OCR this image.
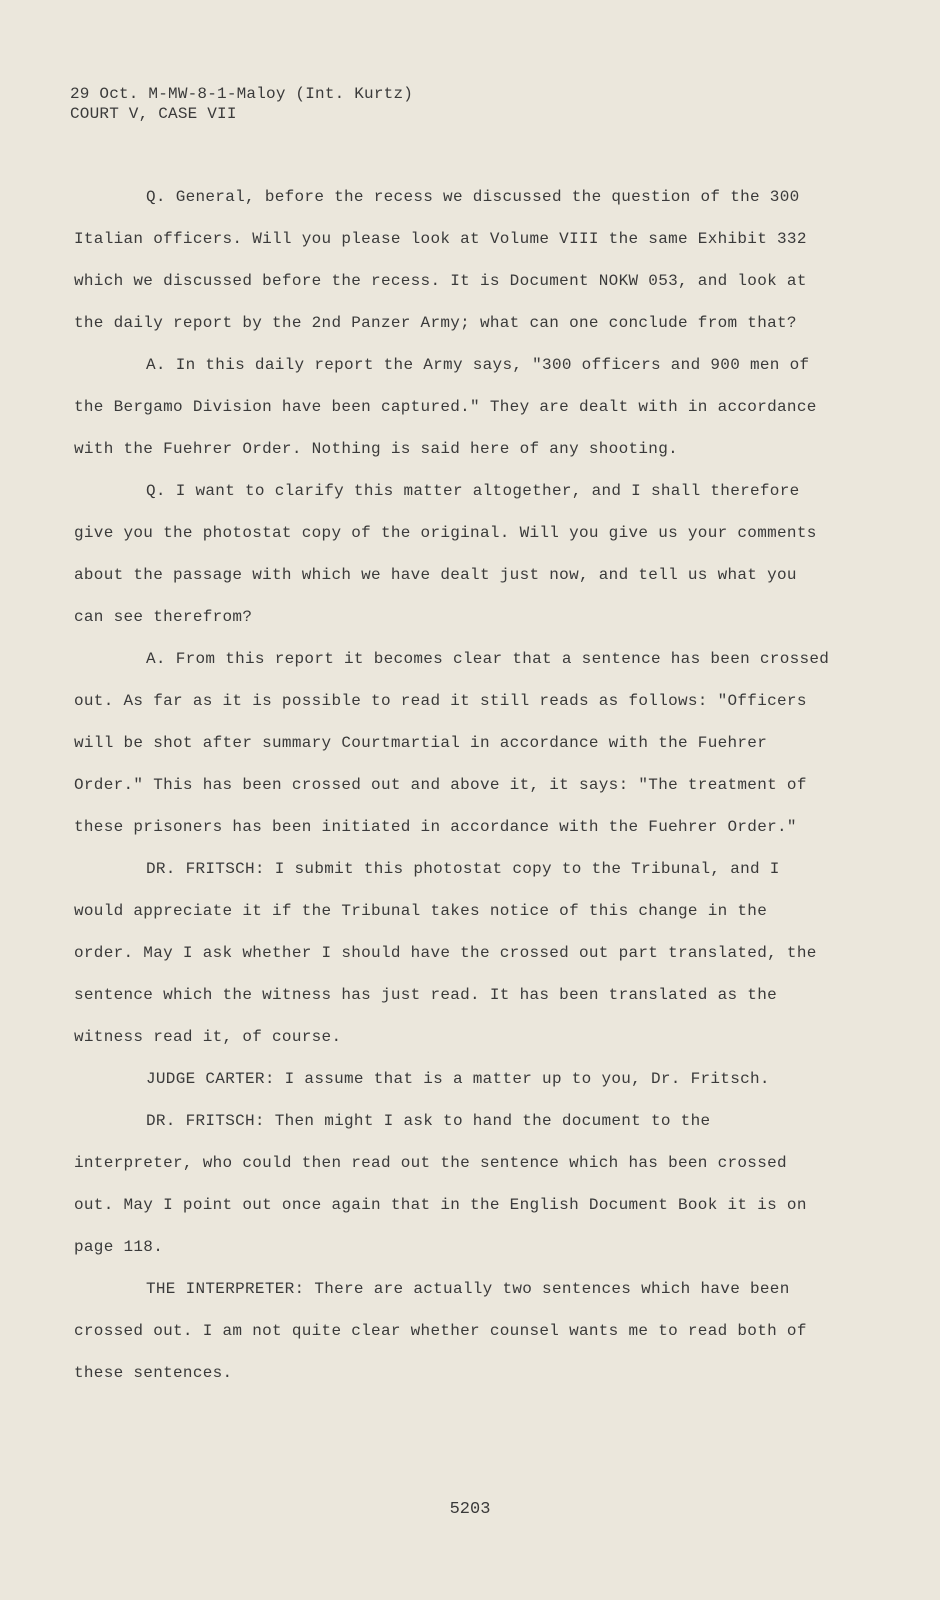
29 Oct. M-MW-8-1-Maloy (Int. Kurtz)
COURT V, CASE VII

Q. General, before the recess we discussed the question of the 300 Italian officers. Will you please look at Volume VIII the same Exhibit 332 which we discussed before the recess. It is Document NOKW 053, and look at the daily report by the 2nd Panzer Army; what can one conclude from that?

A. In this daily report the Army says, "300 officers and 900 men of the Bergamo Division have been captured." They are dealt with in accordance with the Fuehrer Order. Nothing is said here of any shooting.

Q. I want to clarify this matter altogether, and I shall therefore give you the photostat copy of the original. Will you give us your comments about the passage with which we have dealt just now, and tell us what you can see therefrom?

A. From this report it becomes clear that a sentence has been crossed out. As far as it is possible to read it still reads as follows: "Officers will be shot after summary Courtmartial in accordance with the Fuehrer Order." This has been crossed out and above it, it says: "The treatment of these prisoners has been initiated in accordance with the Fuehrer Order."

DR. FRITSCH: I submit this photostat copy to the Tribunal, and I would appreciate it if the Tribunal takes notice of this change in the order. May I ask whether I should have the crossed out part translated, the sentence which the witness has just read. It has been translated as the witness read it, of course.

JUDGE CARTER: I assume that is a matter up to you, Dr. Fritsch.

DR. FRITSCH: Then might I ask to hand the document to the interpreter, who could then read out the sentence which has been crossed out. May I point out once again that in the English Document Book it is on page 118.

THE INTERPRETER: There are actually two sentences which have been crossed out. I am not quite clear whether counsel wants me to read both of these sentences.

5203
